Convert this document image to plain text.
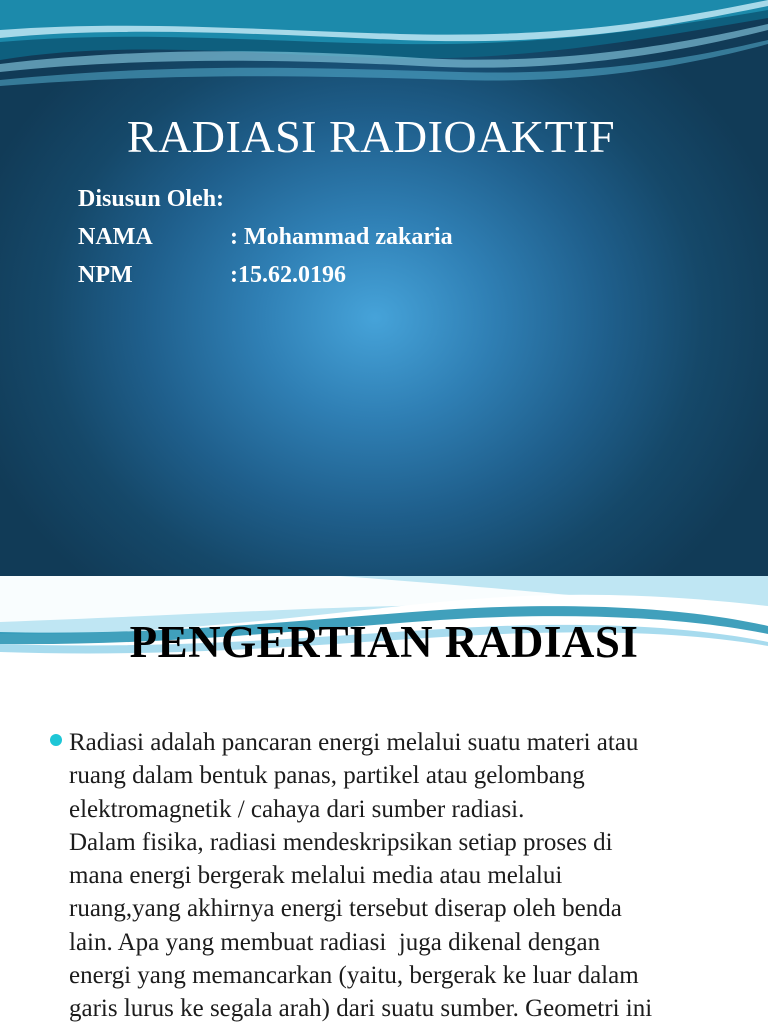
RADIASI RADIOAKTIF
Disusun Oleh:
NAMA	: Mohammad zakaria
NPM	:15.62.0196
PENGERTIAN RADIASI
Radiasi adalah pancaran energi melalui suatu materi atau
ruang dalam bentuk panas, partikel atau gelombang
elektromagnetik / cahaya dari sumber radiasi.
Dalam fisika, radiasi mendeskripsikan setiap proses di
mana energi bergerak melalui media atau melalui
ruang,yang akhirnya energi tersebut diserap oleh benda
lain. Apa yang membuat radiasi  juga dikenal dengan
energi yang memancarkan (yaitu, bergerak ke luar dalam
garis lurus ke segala arah) dari suatu sumber. Geometri ini
